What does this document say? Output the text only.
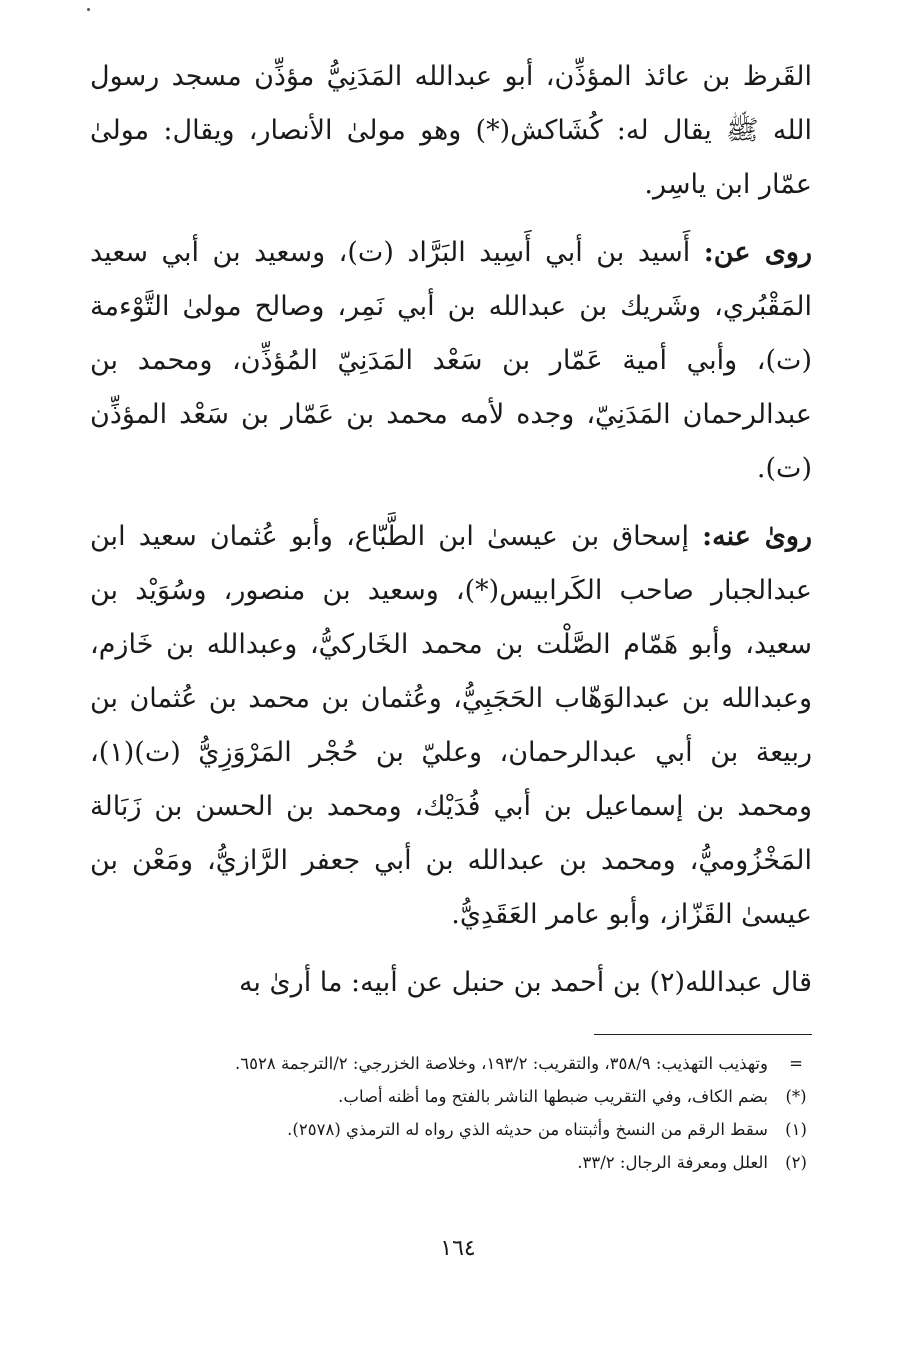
القَرظ بن عائذ المؤذِّن، أبو عبدالله المَدَنِيُّ مؤذِّن مسجد رسول الله ﷺ يقال له: كُشَاكش(*) وهو مولىٰ الأنصار، ويقال: مولىٰ عمّار ابن ياسِر.

روى عن: أَسيد بن أبي أَسِيد البَرَّاد (ت)، وسعيد بن أبي سعيد المَقْبُري، وشَريك بن عبدالله بن أبي نَمِر، وصالح مولىٰ التَّوْءمة (ت)، وأبي أمية عَمّار بن سَعْد المَدَنِيّ المُؤذِّن، ومحمد بن عبدالرحمان المَدَنِيّ، وجده لأمه محمد بن عَمّار بن سَعْد المؤذِّن (ت).

روىٰ عنه: إسحاق بن عيسىٰ ابن الطَّبّاع، وأبو عُثمان سعيد ابن عبدالجبار صاحب الكَرابيس(*)، وسعيد بن منصور، وسُوَيْد بن سعيد، وأبو هَمّام الصَّلْت بن محمد الخَاركيُّ، وعبدالله بن خَازم، وعبدالله بن عبدالوَهّاب الحَجَبِيُّ، وعُثمان بن محمد بن عُثمان بن ربيعة بن أبي عبدالرحمان، وعليّ بن حُجْر المَرْوَزِيُّ (ت)(١)، ومحمد بن إسماعيل بن أبي فُدَيْك، ومحمد بن الحسن بن زَبَالة المَخْزُوميُّ، ومحمد بن عبدالله بن أبي جعفر الرَّازيُّ، ومَعْن بن عيسىٰ القَزّاز، وأبو عامر العَقَدِيُّ.

قال عبدالله(٢) بن أحمد بن حنبل عن أبيه: ما أرىٰ به

=
وتهذيب التهذيب: ٣٥٨/٩، والتقريب: ١٩٣/٢، وخلاصة الخزرجي: ٢/الترجمة ٦٥٢٨.
(*)
بضم الكاف، وفي التقريب ضبطها الناشر بالفتح وما أظنه أصاب.
(١)
سقط الرقم من النسخ وأثبتناه من حديثه الذي رواه له الترمذي (٢٥٧٨).
(٢)
العلل ومعرفة الرجال: ٣٣/٢.
١٦٤
